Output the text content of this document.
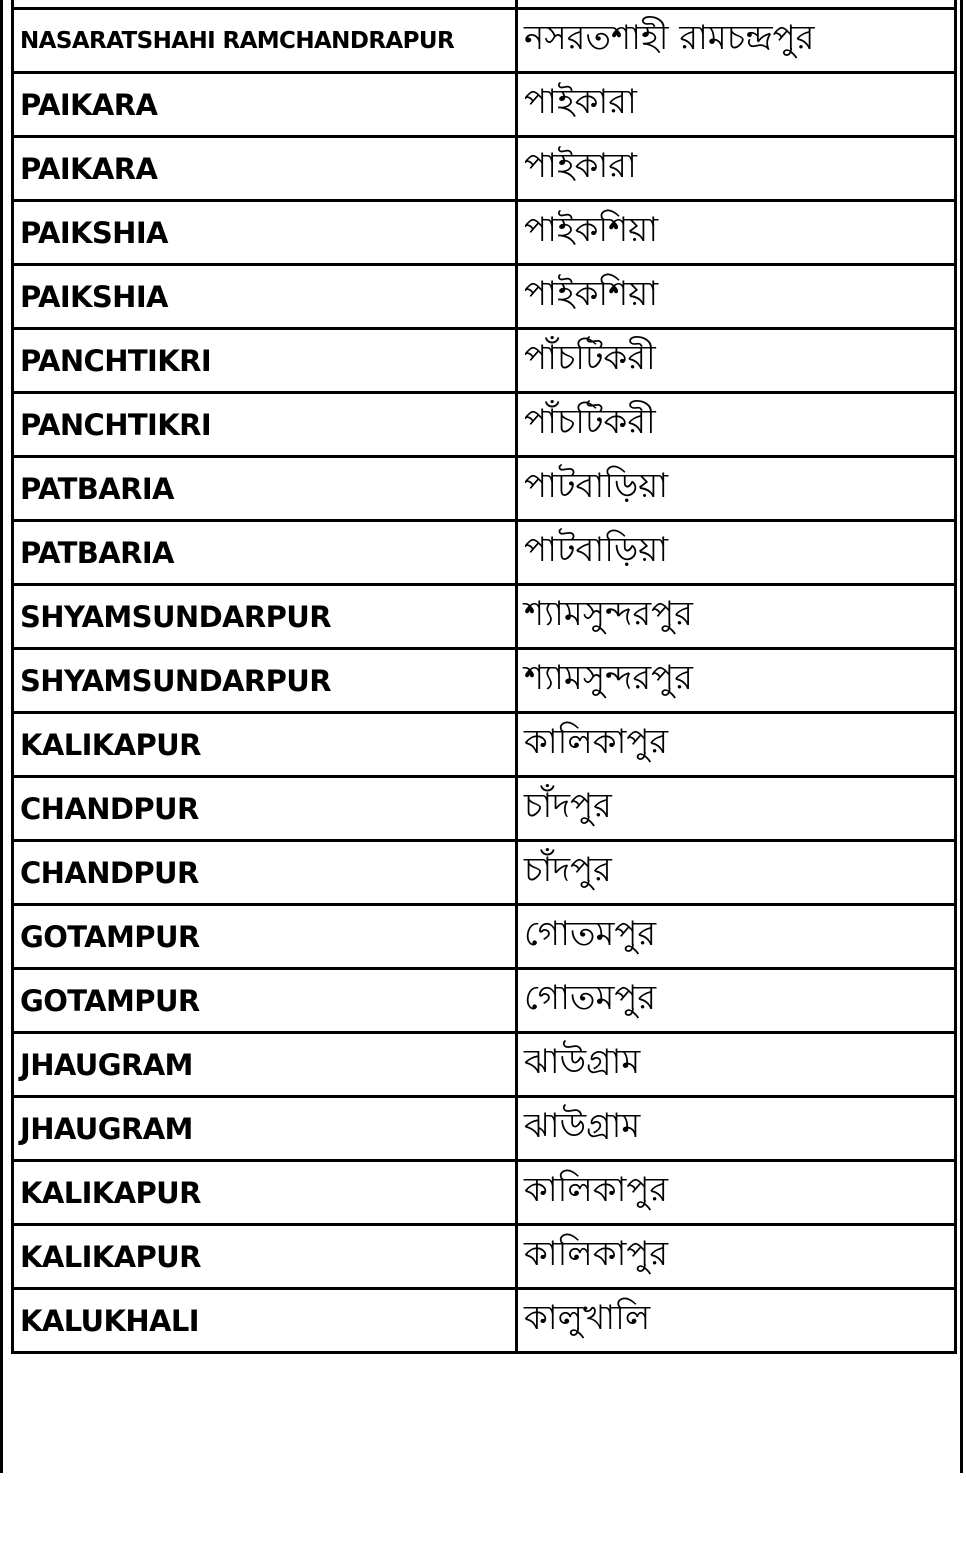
NASARATSHAHI RAMCHANDRAPUR	নসরতশাহী রামচন্দ্রপুর
PAIKARA	পাইকারা
PAIKARA	পাইকারা
PAIKSHIA	পাইকশিয়া
PAIKSHIA	পাইকশিয়া
PANCHTIKRI	পাঁচটিকরী
PANCHTIKRI	পাঁচটিকরী
PATBARIA	পাটবাড়িয়া
PATBARIA	পাটবাড়িয়া
SHYAMSUNDARPUR	শ্যামসুন্দরপুর
SHYAMSUNDARPUR	শ্যামসুন্দরপুর
KALIKAPUR	কালিকাপুর
CHANDPUR	চাঁদপুর
CHANDPUR	চাঁদপুর
GOTAMPUR	গোতমপুর
GOTAMPUR	গোতমপুর
JHAUGRAM	ঝাউগ্রাম
JHAUGRAM	ঝাউগ্রাম
KALIKAPUR	কালিকাপুর
KALIKAPUR	কালিকাপুর
KALUKHALI	কালুখালি
